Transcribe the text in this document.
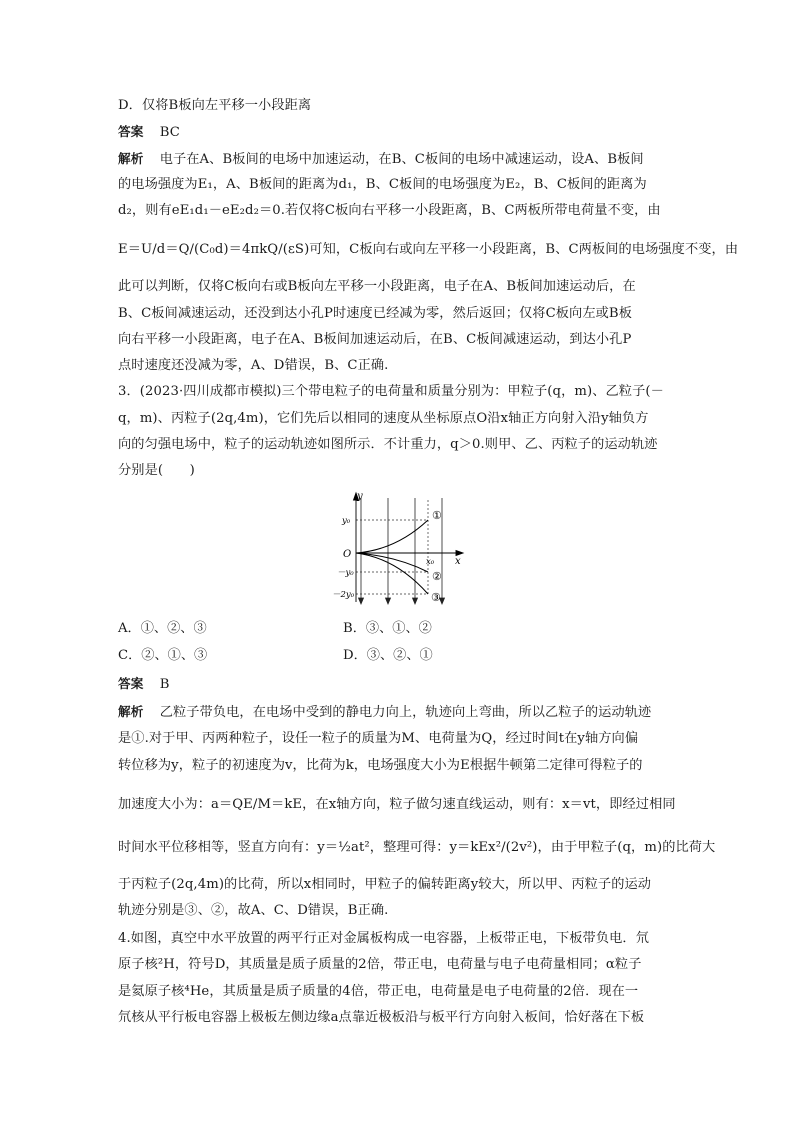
D．仅将B板向左平移一小段距离
答案 BC
解析 电子在A、B板间的电场中加速运动，在B、C板间的电场中减速运动，设A、B板间
的电场强度为E₁，A、B板间的距离为d₁，B、C板间的电场强度为E₂，B、C板间的距离为
d₂，则有eE₁d₁－eE₂d₂＝0.若仅将C板向右平移一小段距离，B、C两板所带电荷量不变，由
E＝U/d＝Q/(C₀d)＝4πkQ/(εS)可知，C板向右或向左平移一小段距离，B、C两板间的电场强度不变，由
此可以判断，仅将C板向右或B板向左平移一小段距离，电子在A、B板间加速运动后，在
B、C板间减速运动，还没到达小孔P时速度已经减为零，然后返回；仅将C板向左或B板
向右平移一小段距离，电子在A、B板间加速运动后，在B、C板间减速运动，到达小孔P
点时速度还没减为零，A、D错误，B、C正确.
3．(2023·四川成都市模拟)三个带电粒子的电荷量和质量分别为：甲粒子(q，m)、乙粒子(－
q，m)、丙粒子(2q,4m)，它们先后以相同的速度从坐标原点O沿x轴正方向射入沿y轴负方
向的匀强电场中，粒子的运动轨迹如图所示．不计重力，q＞0.则甲、乙、丙粒子的运动轨迹
分别是(　　)
y
x
O
y₀
－y₀
－2y₀
x₀
①
②
③
A．①、②、③	B．③、①、②
C．②、①、③	D．③、②、①
答案 B
解析 乙粒子带负电，在电场中受到的静电力向上，轨迹向上弯曲，所以乙粒子的运动轨迹
是①.对于甲、丙两种粒子，设任一粒子的质量为M、电荷量为Q，经过时间t在y轴方向偏
转位移为y，粒子的初速度为v，比荷为k，电场强度大小为E根据牛顿第二定律可得粒子的
加速度大小为：a＝QE/M＝kE，在x轴方向，粒子做匀速直线运动，则有：x＝vt，即经过相同
时间水平位移相等，竖直方向有：y＝½at²，整理可得：y＝kEx²/(2v²)，由于甲粒子(q，m)的比荷大
于丙粒子(2q,4m)的比荷，所以x相同时，甲粒子的偏转距离y较大，所以甲、丙粒子的运动
轨迹分别是③、②，故A、C、D错误，B正确.
4.如图，真空中水平放置的两平行正对金属板构成一电容器，上板带正电，下板带负电．氘
原子核²H，符号D，其质量是质子质量的2倍，带正电，电荷量与电子电荷量相同；α粒子
是氦原子核⁴He，其质量是质子质量的4倍，带正电，电荷量是电子电荷量的2倍．现在一
氘核从平行板电容器上极板左侧边缘a点靠近极板沿与板平行方向射入板间，恰好落在下板
